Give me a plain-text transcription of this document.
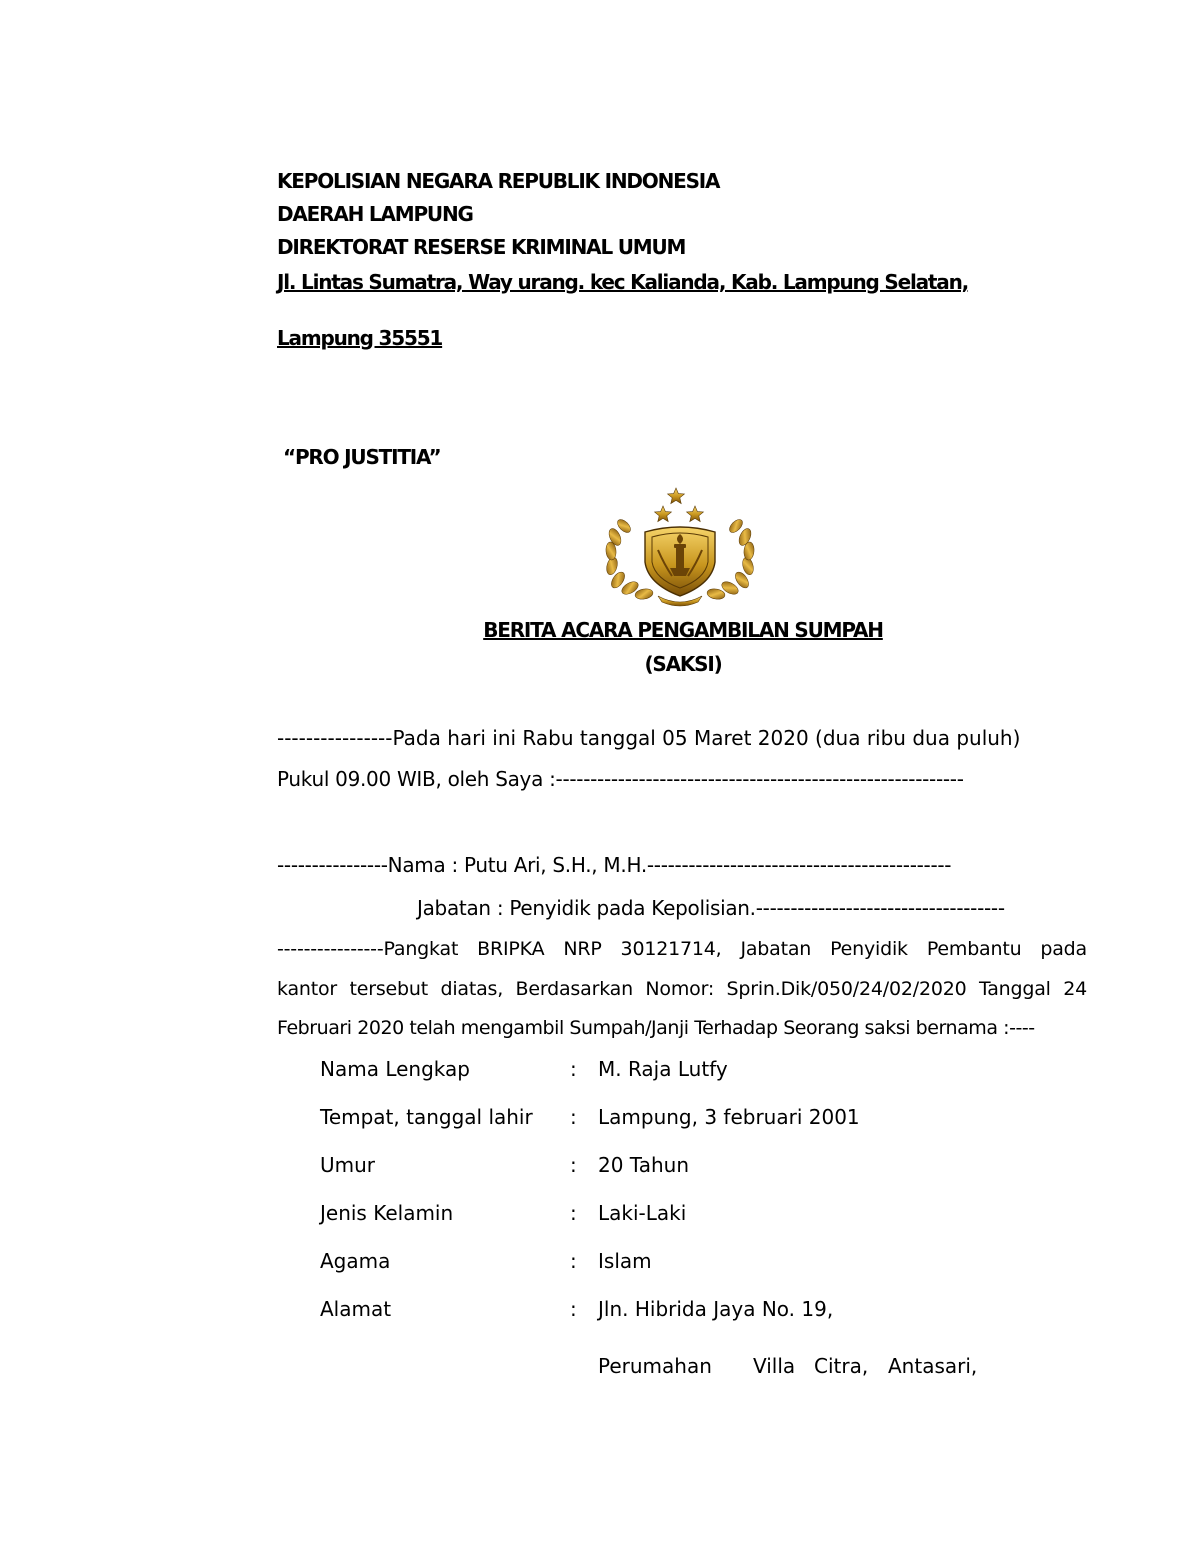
KEPOLISIAN NEGARA REPUBLIK INDONESIA
DAERAH LAMPUNG
DIREKTORAT RESERSE KRIMINAL UMUM
Jl. Lintas Sumatra, Way urang. kec Kalianda, Kab. Lampung Selatan,
Lampung 35551
“PRO JUSTITIA”
BERITA ACARA PENGAMBILAN SUMPAH
(SAKSI)
----------------Pada hari ini Rabu tanggal 05 Maret 2020 (dua ribu dua puluh)
Pukul 09.00 WIB, oleh Saya :-----------------------------------------------------------
----------------Nama : Putu Ari, S.H., M.H.--------------------------------------------
Jabatan : Penyidik pada Kepolisian.------------------------------------
----------------Pangkat BRIPKA NRP 30121714, Jabatan Penyidik Pembantu pada
kantor tersebut diatas, Berdasarkan Nomor: Sprin.Dik/050/24/02/2020 Tanggal 24
Februari 2020 telah mengambil Sumpah/Janji Terhadap Seorang saksi bernama :----
Nama Lengkap	: M. Raja Lutfy
Tempat, tanggal lahir : Lampung, 3 februari 2001
Umur	: 20 Tahun
Jenis Kelamin	: Laki-Laki
Agama	: Islam
Alamat	: Jln. Hibrida Jaya No. 19,
Perumahan Villa Citra, Antasari,
